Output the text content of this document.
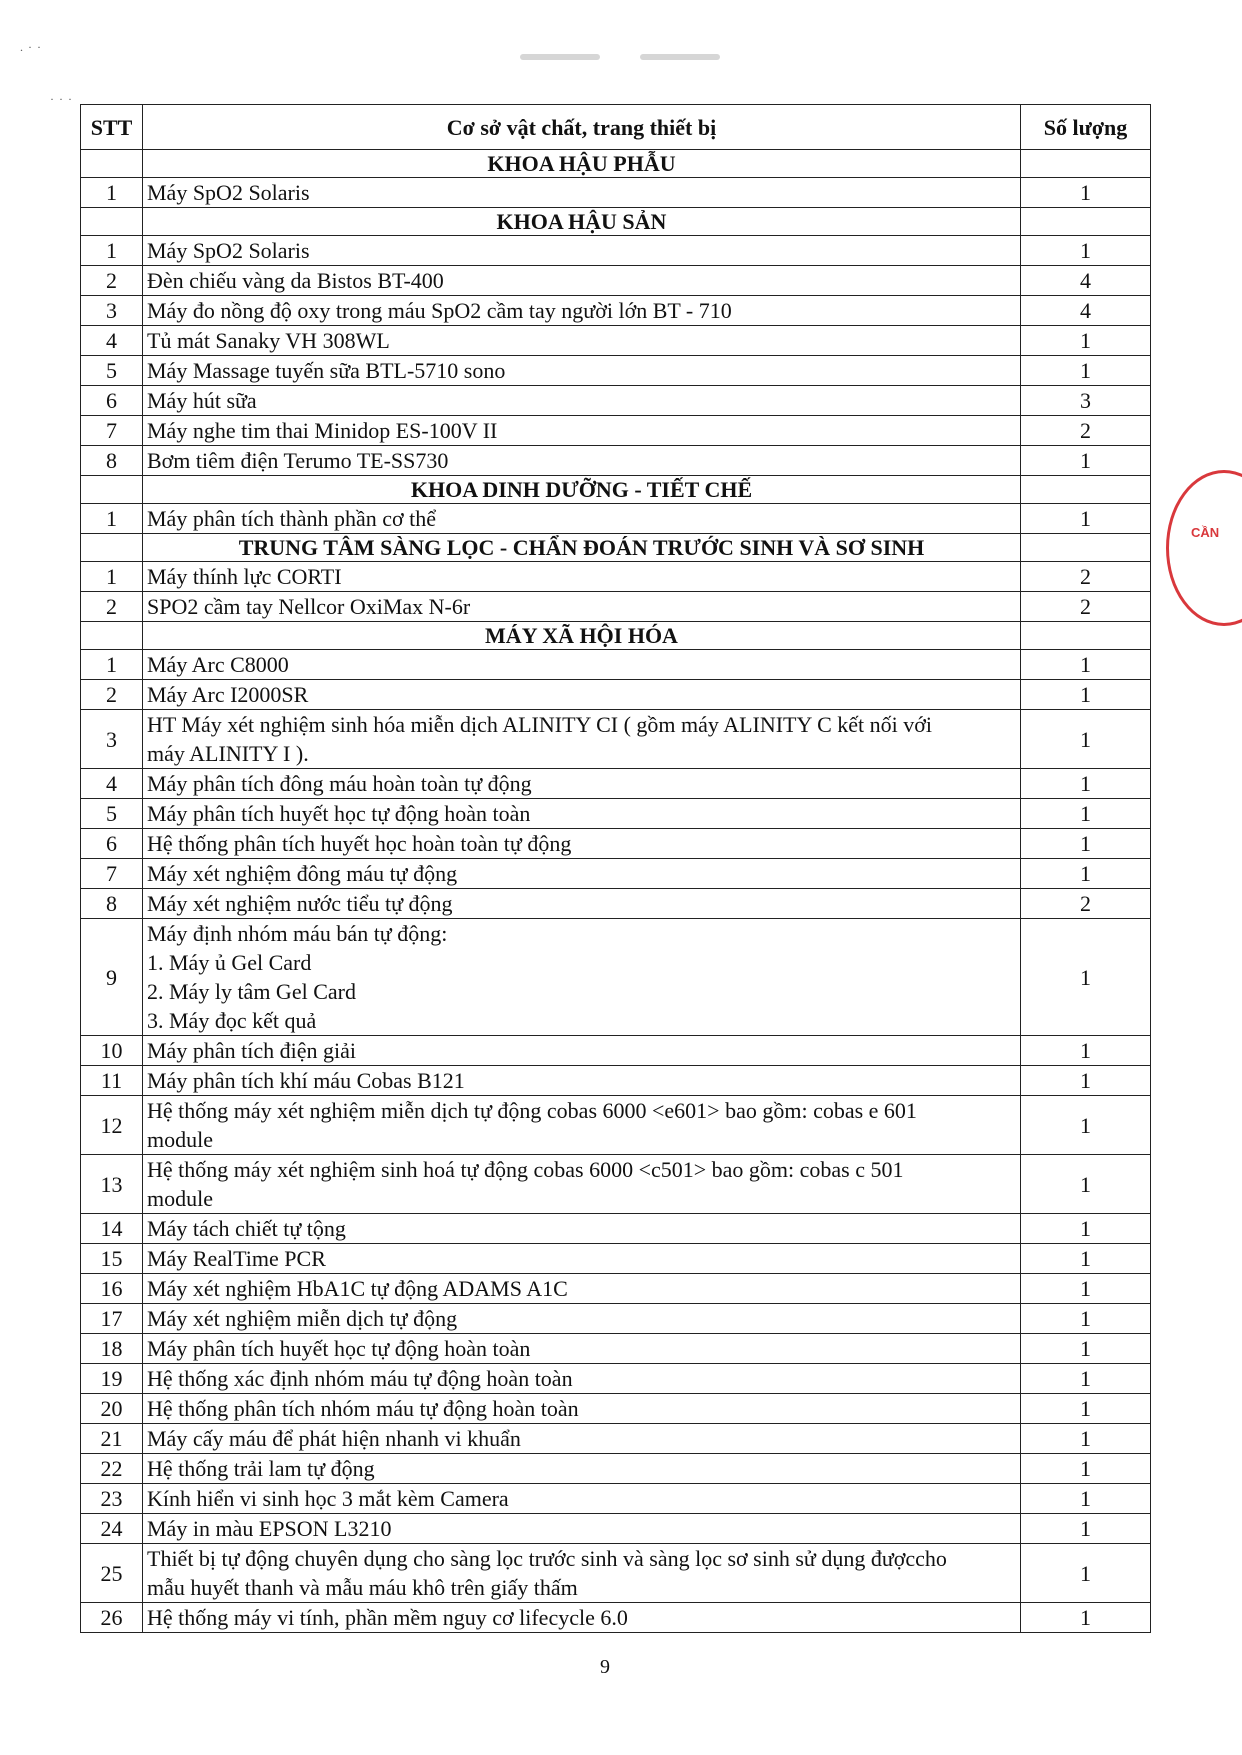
. · ·
· · ·
CẦN
STT	Cơ sở vật chất, trang thiết bị	Số lượng
	KHOA HẬU PHẪU	
1	Máy SpO2 Solaris	1
	KHOA HẬU SẢN	
1	Máy SpO2 Solaris	1
2	Đèn chiếu vàng da Bistos BT-400	4
3	Máy đo nồng độ oxy trong máu SpO2 cầm tay người lớn BT - 710	4
4	Tủ mát Sanaky VH 308WL	1
5	Máy Massage tuyến sữa BTL-5710 sono	1
6	Máy hút sữa	3
7	Máy nghe tim thai Minidop ES-100V II	2
8	Bơm tiêm điện Terumo TE-SS730	1
	KHOA DINH DƯỠNG - TIẾT CHẾ	
1	Máy phân tích thành phần cơ thể	1
	TRUNG TÂM SÀNG LỌC - CHẨN ĐOÁN TRƯỚC SINH VÀ SƠ SINH	
1	Máy thính lực CORTI	2
2	SPO2 cầm tay Nellcor OxiMax N-6r	2
	MÁY XÃ HỘI HÓA	
1	Máy Arc C8000	1
2	Máy Arc I2000SR	1
3	HT Máy xét nghiệm sinh hóa miễn dịch ALINITY CI ( gồm máy ALINITY C kết nối với
máy ALINITY I ).	1
4	Máy phân tích đông máu hoàn toàn tự động	1
5	Máy phân tích huyết học tự động hoàn toàn	1
6	Hệ thống phân tích huyết học hoàn toàn tự động	1
7	Máy xét nghiệm đông máu tự động	1
8	Máy xét nghiệm nước tiểu tự động	2
9	Máy định nhóm máu bán tự động:
1. Máy ủ Gel Card
2. Máy ly tâm Gel Card
3. Máy đọc kết quả	1
10	Máy phân tích điện giải	1
11	Máy phân tích khí máu Cobas B121	1
12	Hệ thống máy xét nghiệm miễn dịch tự động cobas 6000 <e601> bao gồm: cobas e 601
module	1
13	Hệ thống máy xét nghiệm sinh hoá tự động cobas 6000 <c501> bao gồm: cobas c 501
module	1
14	Máy tách chiết tự tộng	1
15	Máy RealTime PCR	1
16	Máy xét nghiệm HbA1C tự động ADAMS A1C	1
17	Máy xét nghiệm miễn dịch tự động	1
18	Máy phân tích huyết học tự động hoàn toàn	1
19	Hệ thống xác định nhóm máu tự động hoàn toàn	1
20	Hệ thống phân tích nhóm máu tự động hoàn toàn	1
21	Máy cấy máu để phát hiện nhanh vi khuẩn	1
22	Hệ thống trải lam tự động	1
23	Kính hiển vi sinh học 3 mắt kèm Camera	1
24	Máy in màu EPSON L3210	1
25	Thiết bị tự động chuyên dụng cho sàng lọc trước sinh và sàng lọc sơ sinh sử dụng đượccho
mẫu huyết thanh và mẫu máu khô trên giấy thấm	1
26	Hệ thống máy vi tính, phần mềm nguy cơ lifecycle 6.0	1
9
